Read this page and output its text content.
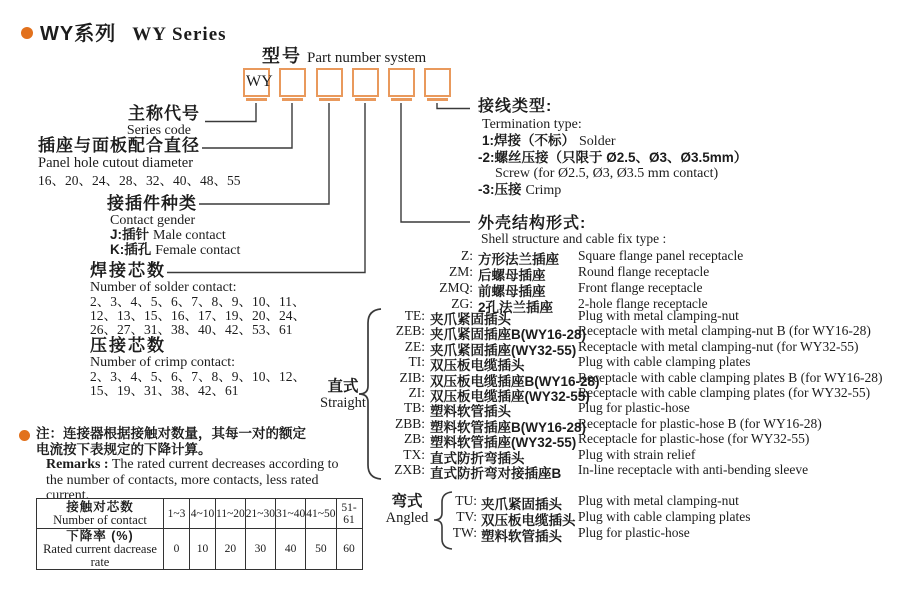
WY系列 WY Series
型号 Part number system
WY
主称代号
Series code
插座与面板配合直径
Panel hole cutout diameter
16、20、24、28、32、40、48、55
接插件种类
Contact gender
J:插针 Male contact
K:插孔 Female contact
焊接芯数
Number of solder contact:
2、3、4、5、6、7、8、9、10、11、
12、13、15、16、17、19、20、24、
26、27、31、38、40、42、53、61
压接芯数
Number of crimp contact:
2、3、4、5、6、7、8、9、10、12、
15、19、31、38、42、61
接线类型:
Termination type:
1:焊接（不标） Solder
-2:螺丝压接（只限于 Ø2.5、Ø3、Ø3.5mm）
Screw (for Ø2.5, Ø3, Ø3.5 mm contact)
-3:压接 Crimp
外壳结构形式:
Shell structure and cable fix type :
Z: 方形法兰插座 Square flange panel receptacle
ZM: 后螺母插座 Round flange receptacle
ZMQ: 前螺母插座 Front flange receptacle
ZG: 2孔法兰插座 2-hole flange receptacle
直式
Straight
TE: 夹爪紧固插头	Plug with metal clamping-nut
ZEB: 夹爪紧固插座B(WY16-28)
Receptacle with metal clamping-nut B (for WY16-28)
ZE: 夹爪紧固插座(WY32-55) Receptacle with metal clamping-nut (for WY32-55)
TI: 双压板电缆插头	Plug with cable clamping plates
ZIB: 双压板电缆插座B(WY16-28)
Receptacle with cable clamping plates B (for WY16-28)
ZI: 双压板电缆插座(WY32-55)
Receptacle with cable clamping plates (for WY32-55)
TB: 塑料软管插头	Plug for plastic-hose
ZBB: 塑料软管插座B(WY16-28)
Receptacle for plastic-hose B (for WY16-28)
ZB: 塑料软管插座(WY32-55) Receptacle for plastic-hose (for WY32-55)
TX: 直式防折弯插头	Plug with strain relief
ZXB: 直式防折弯对接插座B In-line receptacle with anti-bending sleeve
弯式
Angled
TU: 夹爪紧固插头 Plug with metal clamping-nut
TV: 双压板电缆插头 Plug with cable clamping plates
TW: 塑料软管插头 Plug for plastic-hose
注：连接器根据接触对数量，其每一对的额定
电流按下表规定的下降计算。
Remarks : The rated current decreases according to the number of contacts, more contacts, less rated current.
接触对芯数
Number of contact	1~3	4~10	11~20	21~30	31~40	41~50	51-61

下降率 (%)
Rated current dacrease rate	0	10	20	30	40	50	60
